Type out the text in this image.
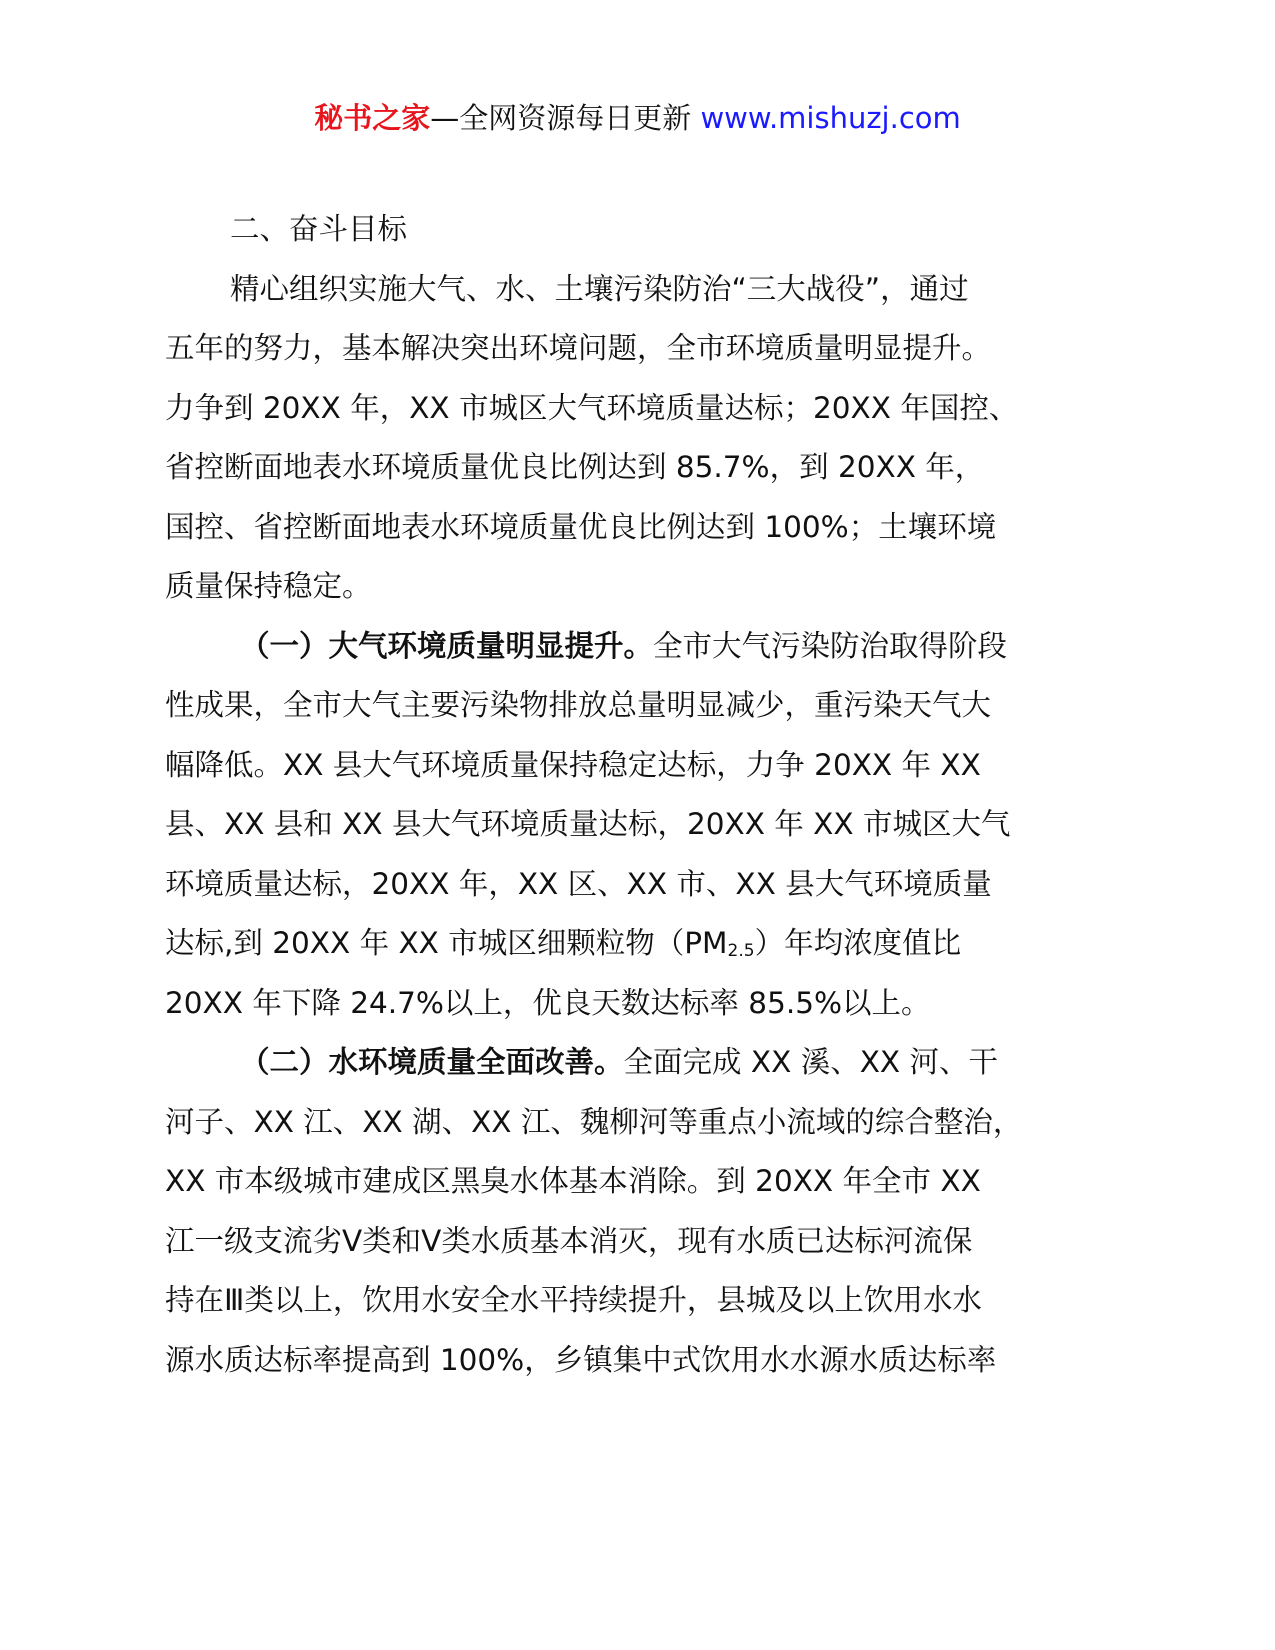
秘书之家—全网资源每日更新 www.mishuzj.com
二、奋斗目标
精心组织实施大气、水、土壤污染防治“三大战役”，通过
五年的努力，基本解决突出环境问题，全市环境质量明显提升。
力争到 20XX 年，XX 市城区大气环境质量达标；20XX 年国控、
省控断面地表水环境质量优良比例达到 85.7%，到 20XX 年，
国控、省控断面地表水环境质量优良比例达到 100%；土壤环境
质量保持稳定。
（一）大气环境质量明显提升。全市大气污染防治取得阶段
性成果，全市大气主要污染物排放总量明显减少，重污染天气大
幅降低。XX 县大气环境质量保持稳定达标，力争 20XX 年 XX
县、XX 县和 XX 县大气环境质量达标，20XX 年 XX 市城区大气
环境质量达标，20XX 年，XX 区、XX 市、XX 县大气环境质量
达标,到 20XX 年 XX 市城区细颗粒物$(PM_{2.5})$年均浓度值比
20XX 年下降 24.7%以上，优良天数达标率 85.5%以上。
（二）水环境质量全面改善。全面完成 XX 溪、XX 河、干
河子、XX 江、XX 湖、XX 江、魏柳河等重点小流域的综合整治，
XX 市本级城市建成区黑臭水体基本消除。到 20XX 年全市 XX
江一级支流劣Ⅴ类和Ⅴ类水质基本消灭，现有水质已达标河流保
持在Ⅲ类以上，饮用水安全水平持续提升，县城及以上饮用水水
源水质达标率提高到 100%，乡镇集中式饮用水水源水质达标率
